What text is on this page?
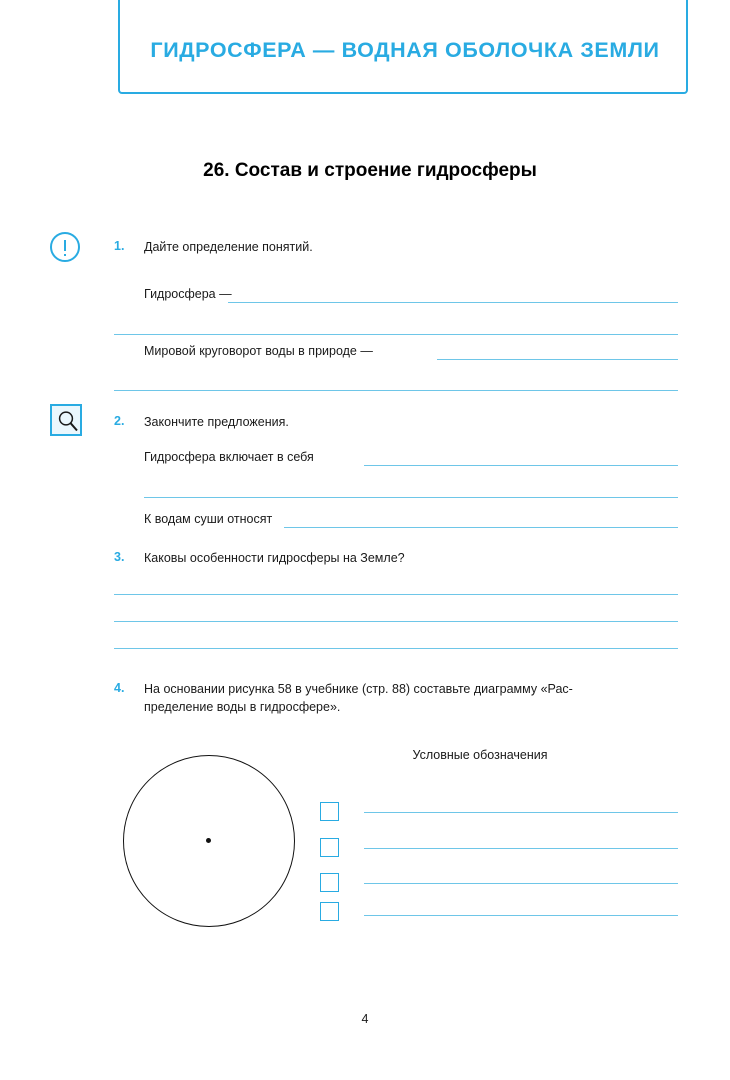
ГИДРОСФЕРА — ВОДНАЯ ОБОЛОЧКА ЗЕМЛИ
26. Состав и строение гидросферы
1. Дайте определение понятий.
Гидросфера —
Мировой круговорот воды в природе —
2. Закончите предложения.
Гидросфера включает в себя
К водам суши относят
3. Каковы особенности гидросферы на Земле?
4. На основании рисунка 58 в учебнике (стр. 88) составьте диаграмму «Рас-
пределение воды в гидросфере».
Условные обозначения
4
